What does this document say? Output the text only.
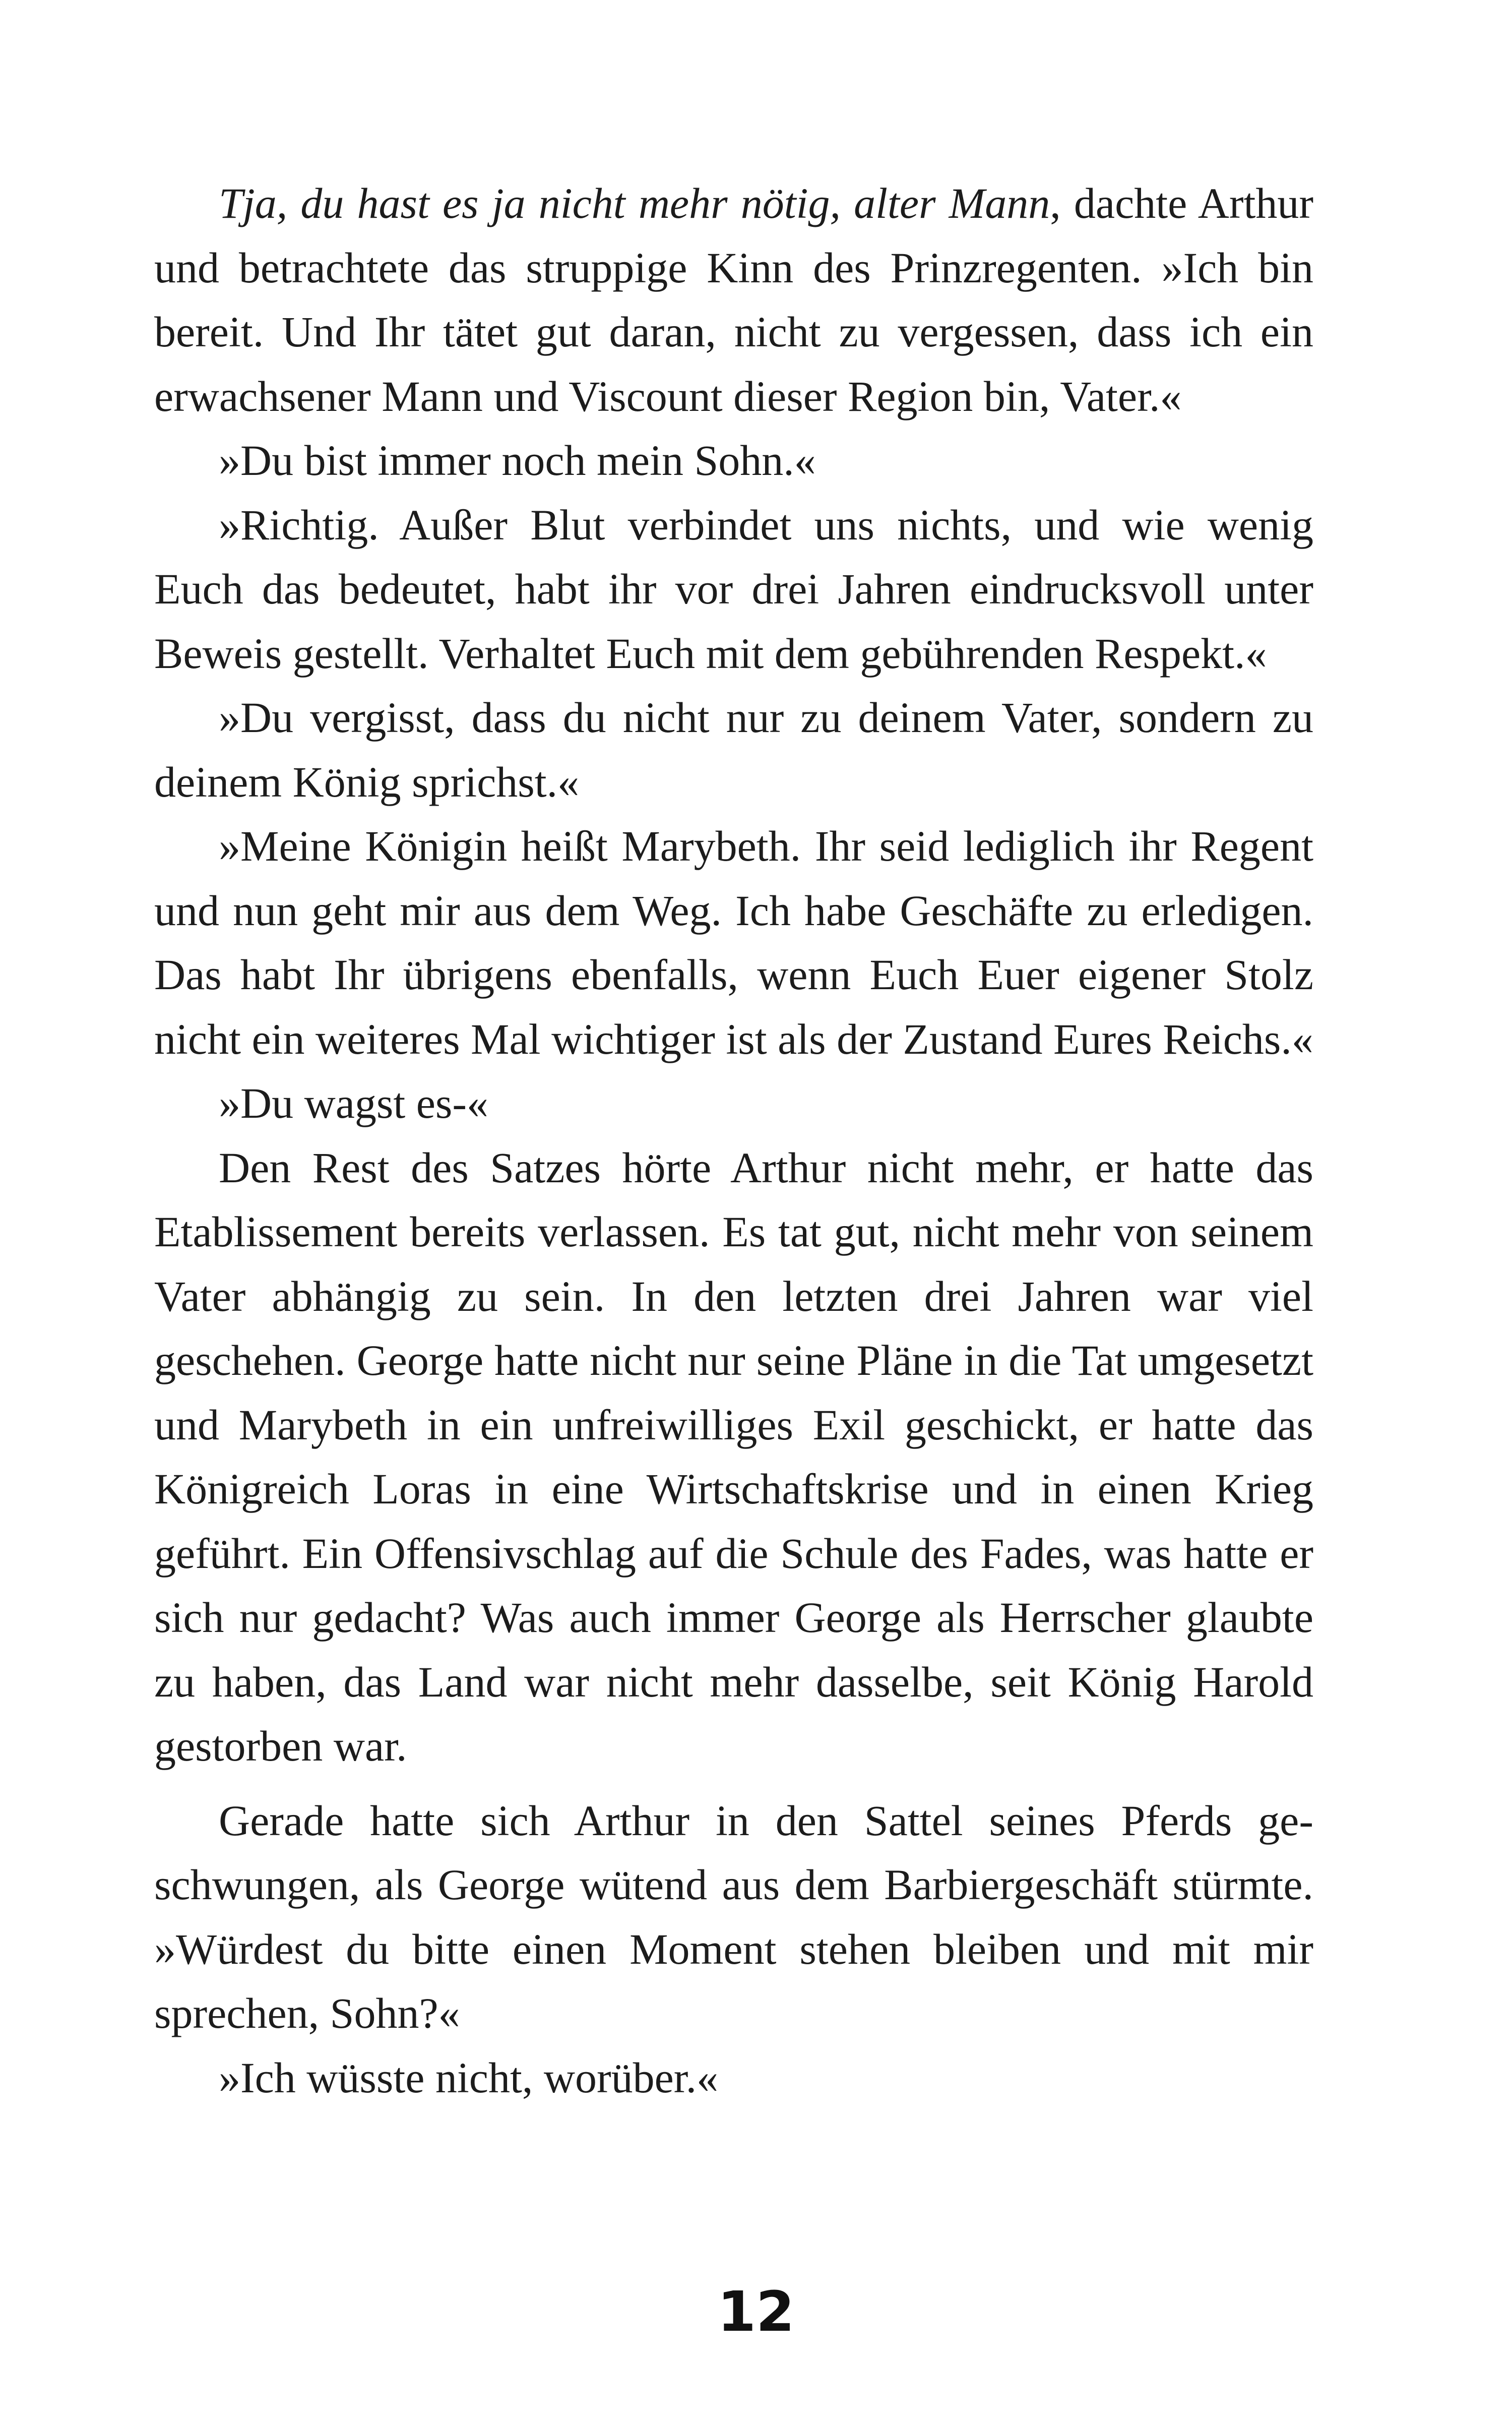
Tja, du hast es ja nicht mehr nötig, alter Mann, dachte Arthur und betrachtete das struppige Kinn des Prinzregenten. »Ich bin bereit. Und Ihr tätet gut daran, nicht zu vergessen, dass ich ein erwachsener Mann und Viscount dieser Region bin, Vater.«

»Du bist immer noch mein Sohn.«

»Richtig. Außer Blut verbindet uns nichts, und wie wenig Euch das bedeutet, habt ihr vor drei Jahren eindrucksvoll unter Beweis gestellt. Verhaltet Euch mit dem gebührenden Respekt.«

»Du vergisst, dass du nicht nur zu deinem Vater, sondern zu deinem König sprichst.«

»Meine Königin heißt Marybeth. Ihr seid lediglich ihr Regent und nun geht mir aus dem Weg. Ich habe Geschäfte zu erledigen. Das habt Ihr übrigens ebenfalls, wenn Euch Euer eigener Stolz nicht ein weiteres Mal wichtiger ist als der Zustand Eures Reichs.«

»Du wagst es-«

Den Rest des Satzes hörte Arthur nicht mehr, er hatte das Etablissement bereits verlassen. Es tat gut, nicht mehr von seinem Vater abhängig zu sein. In den letzten drei Jahren war viel geschehen. George hatte nicht nur seine Pläne in die Tat umgesetzt und Marybeth in ein unfreiwilliges Exil geschickt, er hatte das Königreich Loras in eine Wirtschaftskrise und in einen Krieg geführt. Ein Offensivschlag auf die Schule des Fades, was hatte er sich nur gedacht? Was auch immer George als Herrscher glaubte zu haben, das Land war nicht mehr dasselbe, seit König Harold gestorben war.

Gerade hatte sich Arthur in den Sattel seines Pferds geschwungen, als George wütend aus dem Barbiergeschäft stürmte. »Würdest du bitte einen Moment stehen bleiben und mit mir sprechen, Sohn?«

»Ich wüsste nicht, worüber.«

12
